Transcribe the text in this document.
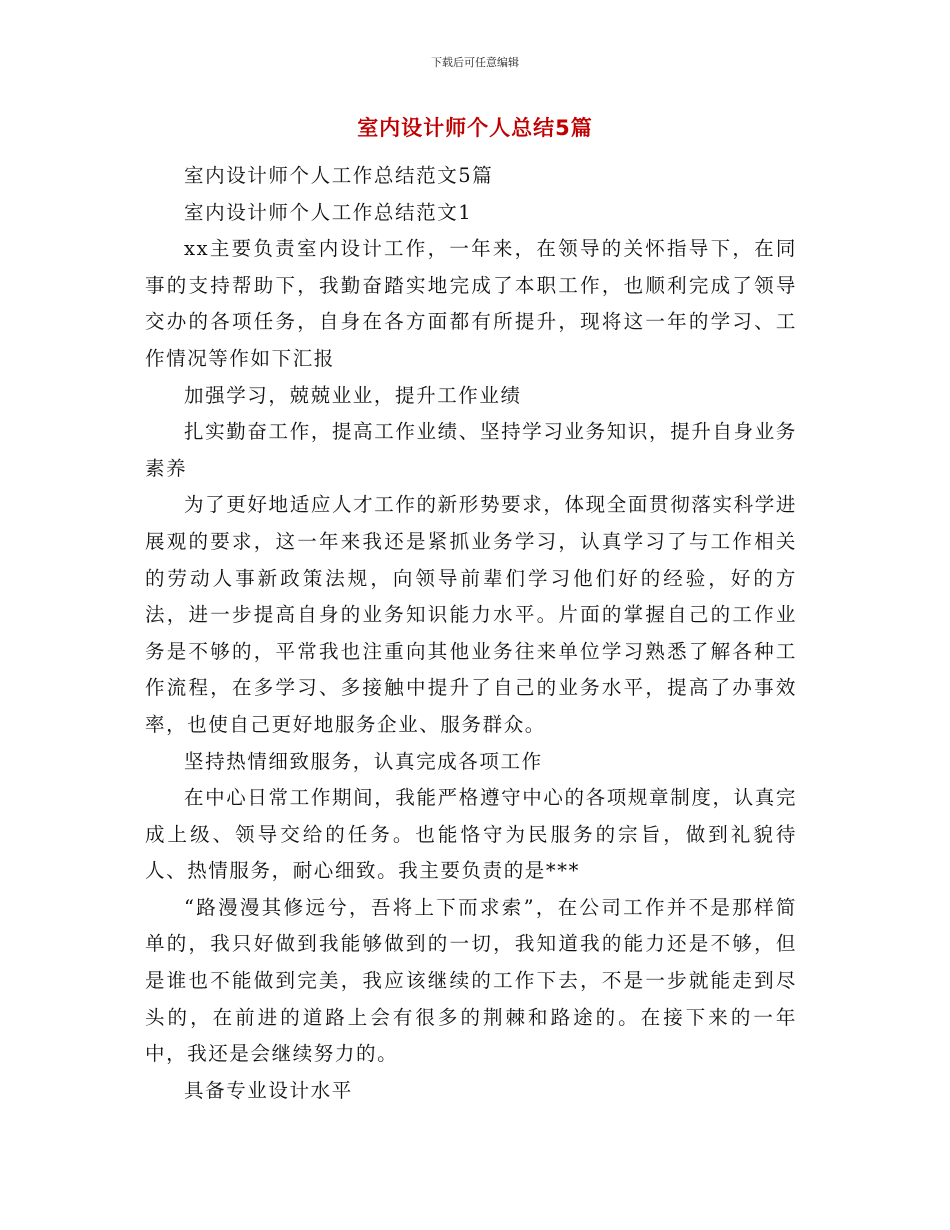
下载后可任意编辑
室内设计师个人总结5篇

室内设计师个人工作总结范文5篇

室内设计师个人工作总结范文1

xx主要负责室内设计工作，一年来，在领导的关怀指导下，在同事的支持帮助下，我勤奋踏实地完成了本职工作，也顺利完成了领导交办的各项任务，自身在各方面都有所提升，现将这一年的学习、工作情况等作如下汇报

加强学习，兢兢业业，提升工作业绩

扎实勤奋工作，提高工作业绩、坚持学习业务知识，提升自身业务素养

为了更好地适应人才工作的新形势要求，体现全面贯彻落实科学进展观的要求，这一年来我还是紧抓业务学习，认真学习了与工作相关的劳动人事新政策法规，向领导前辈们学习他们好的经验，好的方法，进一步提高自身的业务知识能力水平。片面的掌握自己的工作业务是不够的，平常我也注重向其他业务往来单位学习熟悉了解各种工作流程，在多学习、多接触中提升了自己的业务水平，提高了办事效率，也使自己更好地服务企业、服务群众。

坚持热情细致服务，认真完成各项工作

在中心日常工作期间，我能严格遵守中心的各项规章制度，认真完成上级、领导交给的任务。也能恪守为民服务的宗旨，做到礼貌待人、热情服务，耐心细致。我主要负责的是***

“路漫漫其修远兮，吾将上下而求索”，在公司工作并不是那样简单的，我只好做到我能够做到的一切，我知道我的能力还是不够，但是谁也不能做到完美，我应该继续的工作下去，不是一步就能走到尽头的，在前进的道路上会有很多的荆棘和路途的。在接下来的一年中，我还是会继续努力的。

具备专业设计水平
